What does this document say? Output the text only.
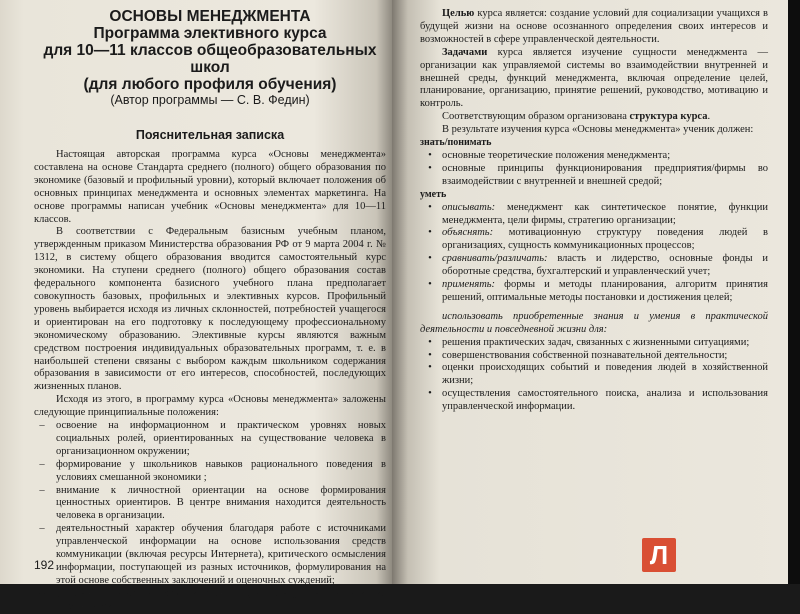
ОСНОВЫ МЕНЕДЖМЕНТА

Программа элективного курса

для 10—11 классов общеобразовательных школ

(для любого профиля обучения)

(Автор программы — С. В. Федин)

Пояснительная записка

Настоящая авторская программа курса «Основы менеджмента» составлена на основе Стандарта среднего (полного) общего образования по экономике (базовый и профильный уровни), который включает положения об основных принципах менеджмента и основных элементах маркетинга. На основе программы написан учебник «Основы менеджмента» для 10—11 классов.

В соответствии с Федеральным базисным учебным планом, утвержденным приказом Министерства образования РФ от 9 марта 2004 г. № 1312, в систему общего образования вводится самостоятельный курс экономики. На ступени среднего (полного) общего образования состав федерального компонента базисного учебного плана предполагает совокупность базовых, профильных и элективных курсов. Профильный уровень выбирается исходя из личных склонностей, потребностей учащегося и ориентирован на его подготовку к последующему профессиональному экономическому образованию. Элективные курсы являются важным средством построения индивидуальных образовательных программ, т. е. в наибольшей степени связаны с выбором каждым школьником содержания образования в зависимости от его интересов, способностей, последующих жизненных планов.

Исходя из этого, в программу курса «Основы менеджмента» заложены следующие принципиальные положения:

–	освоение на информационном и практическом уровнях новых социальных ролей, ориентированных на существование человека в организационном окружении;
–	формирование у школьников навыков рационального поведения в условиях смешанной экономики ;
–	внимание к личностной ориентации на основе формирования ценностных ориентиров. В центре внимания находится деятельность человека в организации.
–	деятельностный характер обучения благодаря работе с источниками управленческой информации на основе использования средств коммуникации (включая ресурсы Интернета), критического осмысления информации, поступающей из разных источников, формулирования на этой основе собственных заключений и оценочных суждений;
–	участия в обучающих играх и тренингах, моделирующих ситуации из реальной жизни.
192

Целью курса является: создание условий для социализации учащихся в будущей жизни на основе осознанного определения своих интересов и возможностей в сфере управленческой деятельности.

Задачами курса является изучение сущности менеджмента — организации как управляемой системы во взаимодействии внутренней и внешней среды, функций менеджмента, включая определение целей, планирование, организацию, принятие решений, руководство, мотивацию и контроль.

Соответствующим образом организована структура курса.

В результате изучения курса «Основы менеджмента» ученик должен:

знать/понимать

• основные теоретические положения менеджмента;
• основные принципы функционирования предприятия/фирмы во взаимодействии с внутренней и внешней средой;

уметь

• описывать: менеджмент как синтетическое понятие, функции менеджмента, цели фирмы, стратегию организации;
• объяснять: мотивационную структуру поведения людей в организациях, сущность коммуникационных процессов;
• сравнивать/различать: власть и лидерство, основные фонды и оборотные средства, бухгалтерский и управленческий учет;
• применять: формы и методы планирования, алгоритм принятия решений, оптимальные методы постановки и достижения целей;

использовать приобретенные знания и умения в практической деятельности и повседневной жизни для:

• решения практических задач, связанных с жизненными ситуациями;
• совершенствования собственной познавательной деятельности;
• оценки происходящих событий и поведения людей в хозяйственной жизни;
• осуществления самостоятельного поиска, анализа и использования управленческой информации.
Л
